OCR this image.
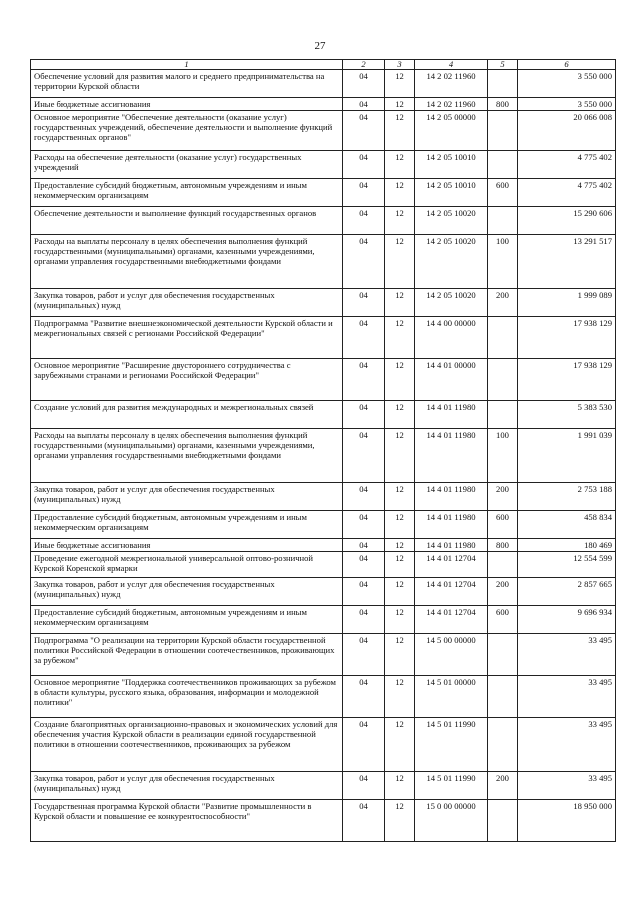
27
1	2	3	4	5	6
Обеспечение условий для развития малого и среднего предпринимательства на территории Курской области	04	12	14 2 02 11960		3 550 000
Иные бюджетные ассигнования	04	12	14 2 02 11960	800	3 550 000
Основное мероприятие "Обеспечение деятельности (оказание услуг) государственных учреждений, обеспечение деятельности и выполнение функций государственных органов"	04	12	14 2 05 00000		20 066 008
Расходы на обеспечение деятельности (оказание услуг) государственных учреждений	04	12	14 2 05 10010		4 775 402
Предоставление субсидий бюджетным, автономным учреждениям и иным некоммерческим организациям	04	12	14 2 05 10010	600	4 775 402
Обеспечение деятельности и выполнение функций государственных органов	04	12	14 2 05 10020		15 290 606
Расходы на выплаты персоналу в целях обеспечения выполнения функций государственными (муниципальными) органами, казенными учреждениями, органами управления государственными внебюджетными фондами	04	12	14 2 05 10020	100	13 291 517
Закупка товаров, работ и услуг для обеспечения государственных (муниципальных) нужд	04	12	14 2 05 10020	200	1 999 089
Подпрограмма "Развитие внешнеэкономической деятельности Курской области и межрегиональных связей с регионами Российской Федерации"	04	12	14 4 00 00000		17 938 129
Основное мероприятие "Расширение двустороннего сотрудничества с зарубежными странами и регионами Российской Федерации"	04	12	14 4 01 00000		17 938 129
Создание условий для развития международных и межрегиональных связей	04	12	14 4 01 11980		5 383 530
Расходы на выплаты персоналу в целях обеспечения выполнения функций государственными (муниципальными) органами, казенными учреждениями, органами управления государственными внебюджетными фондами	04	12	14 4 01 11980	100	1 991 039
Закупка товаров, работ и услуг для обеспечения государственных (муниципальных) нужд	04	12	14 4 01 11980	200	2 753 188
Предоставление субсидий бюджетным, автономным учреждениям и иным некоммерческим организациям	04	12	14 4 01 11980	600	458 834
Иные бюджетные ассигнования	04	12	14 4 01 11980	800	180 469
Проведение ежегодной межрегиональной универсальной оптово-розничной Курской Коренской ярмарки	04	12	14 4 01 12704		12 554 599
Закупка товаров, работ и услуг для обеспечения государственных (муниципальных) нужд	04	12	14 4 01 12704	200	2 857 665
Предоставление субсидий бюджетным, автономным учреждениям и иным некоммерческим организациям	04	12	14 4 01 12704	600	9 696 934
Подпрограмма "О реализации на территории Курской области государственной политики Российской Федерации в отношении соотечественников, проживающих за рубежом"	04	12	14 5 00 00000		33 495
Основное мероприятие "Поддержка соотечественников проживающих за рубежом в области культуры, русского языка, образования, информации и молодежной политики"	04	12	14 5 01 00000		33 495
Создание благоприятных организационно-правовых и экономических условий для обеспечения участия Курской области в реализации единой государственной политики в отношении соотечественников, проживающих за рубежом	04	12	14 5 01 11990		33 495
Закупка товаров, работ и услуг для обеспечения государственных (муниципальных) нужд	04	12	14 5 01 11990	200	33 495
Государственная программа Курской области "Развитие промышленности в Курской области и повышение ее конкурентоспособности"	04	12	15 0 00 00000		18 950 000
